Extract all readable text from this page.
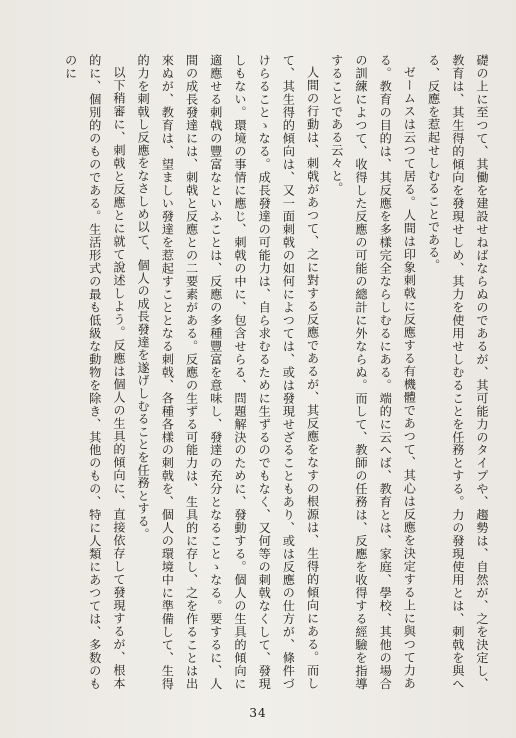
礎の上に至つて、其働を建設せねばならぬのであるが、其可能力のタイプや、趨勢は、自然が、之を決定し、教育は、其生得的傾向を發現せしめ、其力を使用せしむることを任務とする。力の發現使用とは、刺戟を與へる、反應を惹起せしむることである。

ゼームスは云つて居る。人間は印象刺戟に反應する有機體であつて、其心は反應を決定する上に與つて力ある。教育の目的は、其反應を多樣完全ならしむるにある。端的に云へば、教育とは、家庭、學校、其他の場合の訓練によつて、收得した反應の可能の總計に外ならぬ。而して、教師の任務は、反應を收得する經驗を指導することである云々と。

人間の行動は、刺戟があつて、之に對する反應であるが、其反應をなすの根源は、生得的傾向にある。而して、其生得的傾向は、又一面刺戟の如何によつては、或は發現せざることもあり、或は反應の仕方が、條件づけらることゝなる。成長發達の可能力は、自ら求むるために生ずるのでもなく、又何等の刺戟なくして、發現しもない。環境の事情に應じ、刺戟の中に、包含せらる、問題解決のために、發動する。個人の生具的傾向に適應せる刺戟の豐富なといふことは、反應の多種豐富を意味し、發達の充分となることゝなる。要するに、人間の成長發達には、刺戟と反應との二要素がある。反應の生ずる可能力は、生具的に存し、之を作ることは出來ぬが、教育は、望ましい發達を惹起すこととなる刺戟、各種各樣の刺戟を、個人の環境中に準備して、生得的力を刺戟し反應をなさしめ以て、個人の成長發達を遂げしむることを任務とする。

以下稍審に、刺戟と反應とに就て說述しよう。反應は個人の生具的傾向に、直接依存して發現するが、根本的に、個別的のものである。生活形式の最も低級な動物を除き、其他のもの、特に人類にあつては、多数のものに

34
